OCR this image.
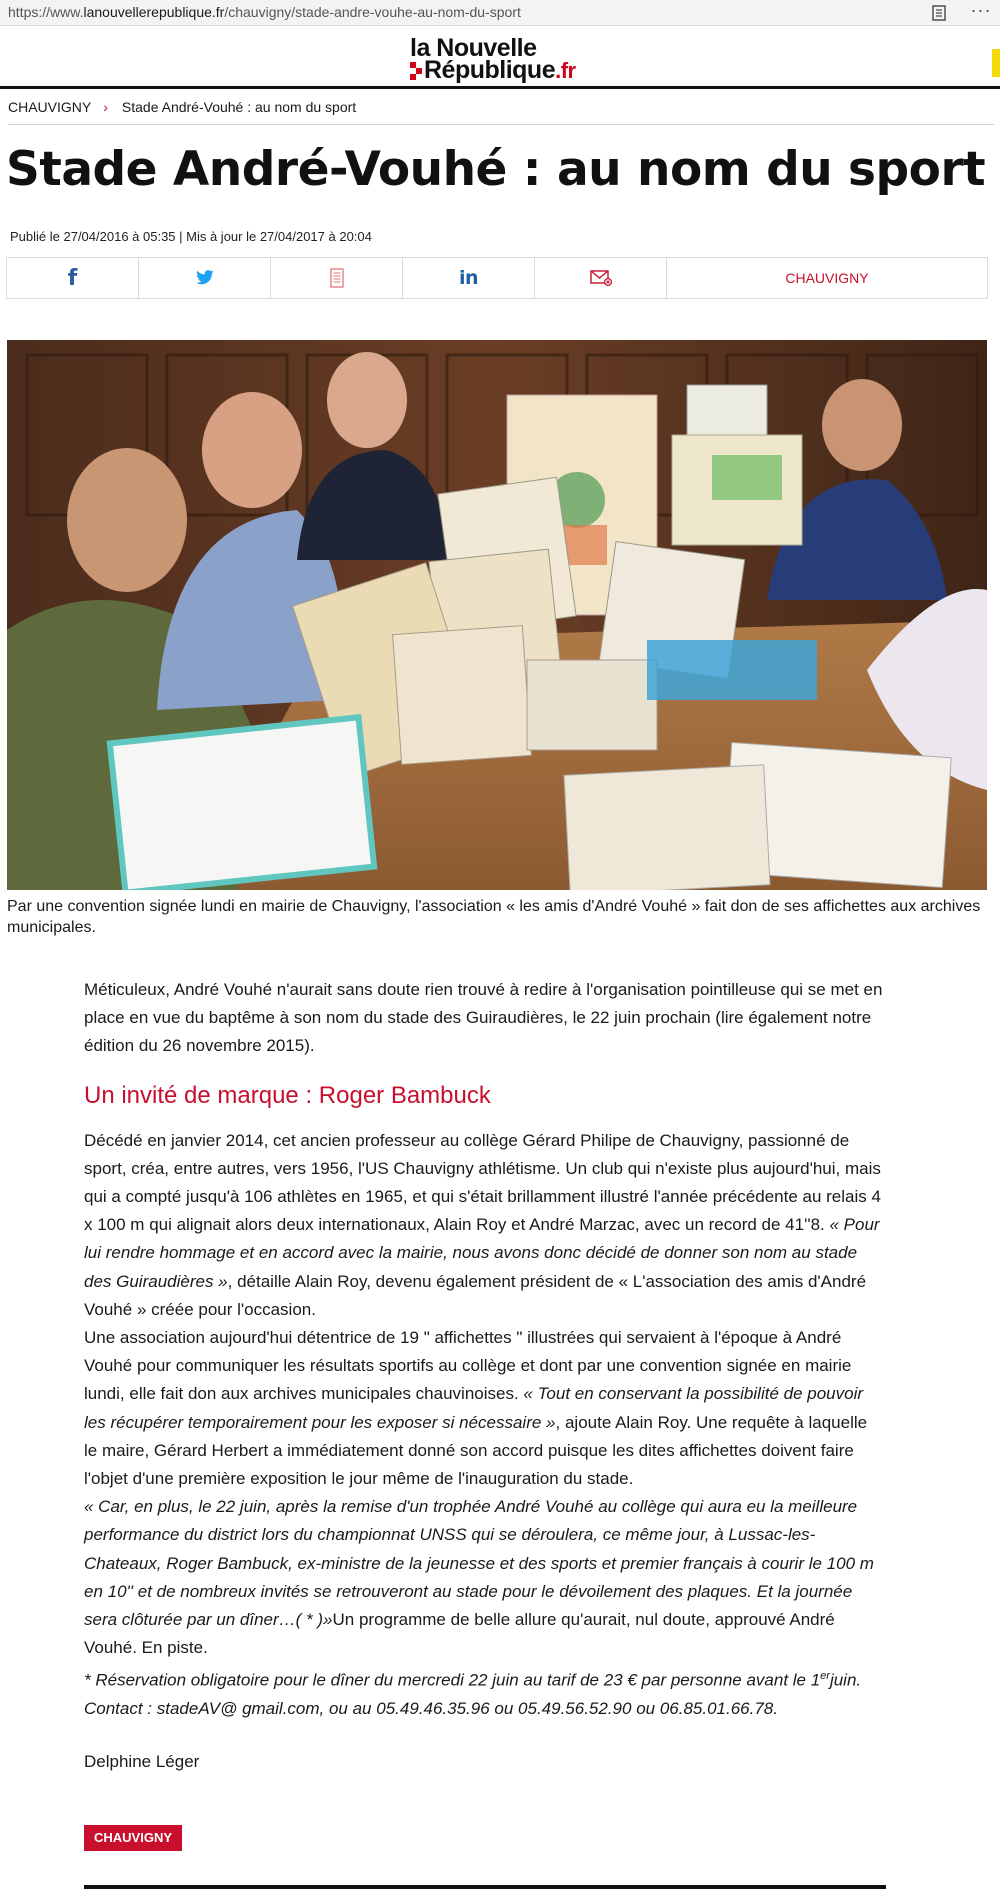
https://www.lanouvellerepublique.fr/chauvigny/stade-andre-vouhe-au-nom-du-sport	···
la Nouvelle
République.fr
CHAUVIGNY › Stade André-Vouhé : au nom du sport
Stade André-Vouhé : au nom du sport
Publié le 27/04/2016 à 05:35 | Mis à jour le 27/04/2017 à 20:04
f	in	CHAUVIGNY
Par une convention signée lundi en mairie de Chauvigny, l'association « les amis d'André Vouhé » fait don de ses affichettes aux archives municipales.

Méticuleux, André Vouhé n'aurait sans doute rien trouvé à redire à l'organisation pointilleuse qui se met en place en vue du baptême à son nom du stade des Guiraudières, le 22 juin prochain (lire également notre édition du 26 novembre 2015).

Un invité de marque : Roger Bambuck

Décédé en janvier 2014, cet ancien professeur au collège Gérard Philipe de Chauvigny, passionné de sport, créa, entre autres, vers 1956, l'US Chauvigny athlétisme. Un club qui n'existe plus aujourd'hui, mais qui a compté jusqu'à 106 athlètes en 1965, et qui s'était brillamment illustré l'année précédente au relais 4 x 100 m qui alignait alors deux internationaux, Alain Roy et André Marzac, avec un record de 41''8. « Pour lui rendre hommage et en accord avec la mairie, nous avons donc décidé de donner son nom au stade des Guiraudières », détaille Alain Roy, devenu également président de « L'association des amis d'André Vouhé » créée pour l'occasion.

Une association aujourd'hui détentrice de 19 " affichettes " illustrées qui servaient à l'époque à André Vouhé pour communiquer les résultats sportifs au collège et dont par une convention signée en mairie lundi, elle fait don aux archives municipales chauvinoises. « Tout en conservant la possibilité de pouvoir les récupérer temporairement pour les exposer si nécessaire », ajoute Alain Roy. Une requête à laquelle le maire, Gérard Herbert a immédiatement donné son accord puisque les dites affichettes doivent faire l'objet d'une première exposition le jour même de l'inauguration du stade.

« Car, en plus, le 22 juin, après la remise d'un trophée André Vouhé au collège qui aura eu la meilleure performance du district lors du championnat UNSS qui se déroulera, ce même jour, à Lussac-les-Chateaux, Roger Bambuck, ex-ministre de la jeunesse et des sports et premier français à courir le 100 m en 10'' et de nombreux invités se retrouveront au stade pour le dévoilement des plaques. Et la journée sera clôturée par un dîner…( * )»Un programme de belle allure qu'aurait, nul doute, approuvé André Vouhé. En piste.

* Réservation obligatoire pour le dîner du mercredi 22 juin au tarif de 23 € par personne avant le 1erjuin.
Contact : stadeAV@ gmail.com, ou au 05.49.46.35.96 ou 05.49.56.52.90 ou 06.85.01.66.78.

Delphine Léger
CHAUVIGNY
